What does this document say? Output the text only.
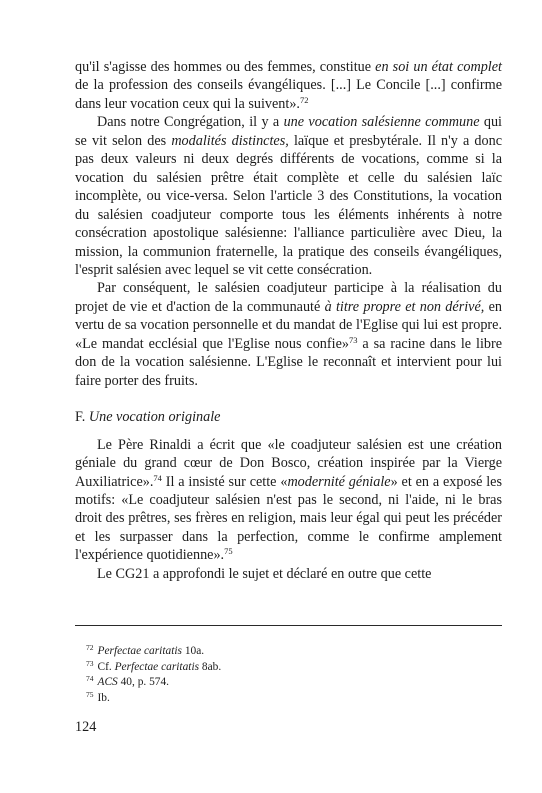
qu'il s'agisse des hommes ou des femmes, constitue en soi un état complet de la profession des conseils évangéliques. [...] Le Concile [...] confirme dans leur vocation ceux qui la suivent».$^{72}$

Dans notre Congrégation, il y a une vocation salésienne commune qui se vit selon des modalités distinctes, laïque et presbytérale. Il n'y a donc pas deux valeurs ni deux degrés différents de vocations, comme si la vocation du salésien prêtre était complète et celle du salésien laïc incomplète, ou vice-versa. Selon l'article 3 des Constitutions, la vocation du salésien coadjuteur comporte tous les éléments inhérents à notre consécration apostolique salésienne: l'alliance particulière avec Dieu, la mission, la communion fraternelle, la pratique des conseils évangéliques, l'esprit salésien avec lequel se vit cette consécration.

Par conséquent, le salésien coadjuteur participe à la réalisation du projet de vie et d'action de la communauté à titre propre et non dérivé, en vertu de sa vocation personnelle et du mandat de l'Eglise qui lui est propre. «Le mandat ecclésial que l'Eglise nous confie»$^{73}$ a sa racine dans le libre don de la vocation salésienne. L'Eglise le reconnaît et intervient pour lui faire porter des fruits.

F. Une vocation originale

Le Père Rinaldi a écrit que «le coadjuteur salésien est une création géniale du grand cœur de Don Bosco, création inspirée par la Vierge Auxiliatrice».$^{74}$ Il a insisté sur cette «modernité géniale» et en a exposé les motifs: «Le coadjuteur salésien n'est pas le second, ni l'aide, ni le bras droit des prêtres, ses frères en religion, mais leur égal qui peut les précéder et les surpasser dans la perfection, comme le confirme amplement l'expérience quotidienne».$^{75}$

Le CG21 a approfondi le sujet et déclaré en outre que cette

$^{72}$ Perfectae caritatis 10a.
$^{73}$ Cf. Perfectae caritatis 8ab.
$^{74}$ ACS 40, p. 574.
$^{75}$ Ib.
124
